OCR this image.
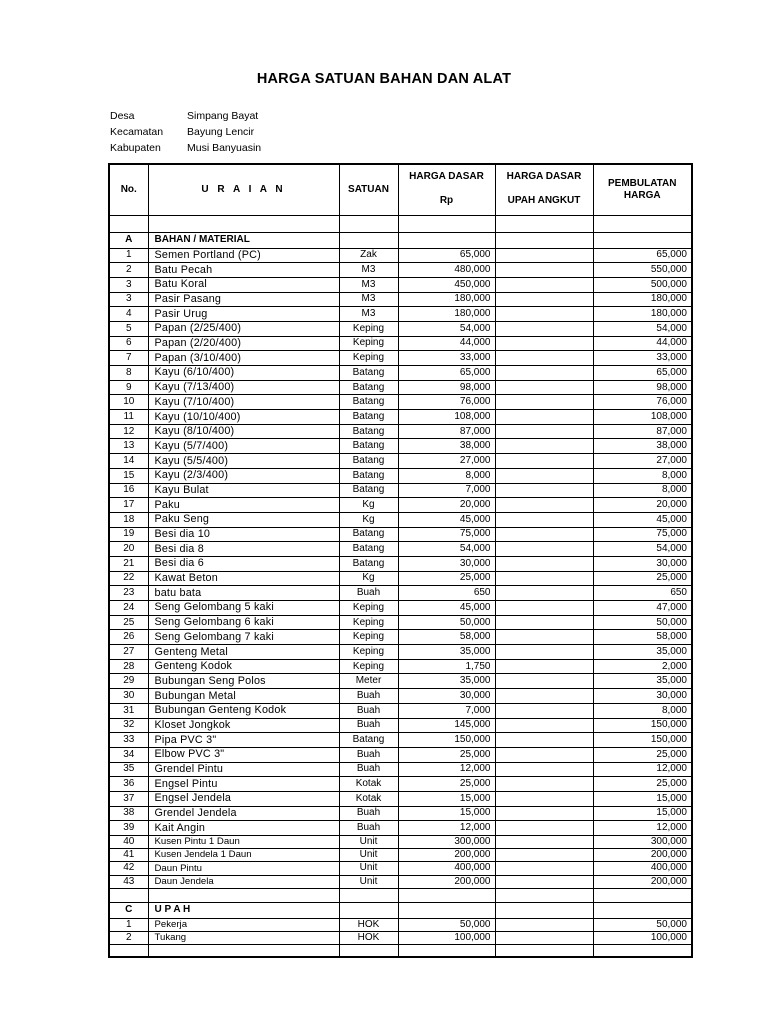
HARGA SATUAN BAHAN DAN ALAT
Desa	Simpang Bayat
Kecamatan Bayung Lencir
Kabupaten Musi Banyuasin
No.	U R A I A N	SATUAN	HARGA DASAR	HARGA DASAR	PEMBULATAN
HARGA

			Rp	UPAH ANGKUT	

A	BAHAN / MATERIAL				
1	Semen Portland (PC)	Zak	65,000		65,000
2	Batu Pecah	M3	480,000		550,000
3	Batu Koral	M3	450,000		500,000
3	Pasir Pasang	M3	180,000		180,000
4	Pasir Urug	M3	180,000		180,000
5	Papan (2/25/400)	Keping	54,000		54,000
6	Papan (2/20/400)	Keping	44,000		44,000
7	Papan (3/10/400)	Keping	33,000		33,000
8	Kayu (6/10/400)	Batang	65,000		65,000
9	Kayu (7/13/400)	Batang	98,000		98,000
10	Kayu (7/10/400)	Batang	76,000		76,000
11	Kayu (10/10/400)	Batang	108,000		108,000
12	Kayu (8/10/400)	Batang	87,000		87,000
13	Kayu (5/7/400)	Batang	38,000		38,000
14	Kayu (5/5/400)	Batang	27,000		27,000
15	Kayu (2/3/400)	Batang	8,000		8,000
16	Kayu Bulat	Batang	7,000		8,000
17	Paku	Kg	20,000		20,000
18	Paku Seng	Kg	45,000		45,000
19	Besi dia 10	Batang	75,000		75,000
20	Besi dia 8	Batang	54,000		54,000
21	Besi dia 6	Batang	30,000		30,000
22	Kawat Beton	Kg	25,000		25,000
23	batu bata	Buah	650		650
24	Seng Gelombang 5 kaki	Keping	45,000		47,000
25	Seng Gelombang 6 kaki	Keping	50,000		50,000
26	Seng Gelombang 7 kaki	Keping	58,000		58,000
27	Genteng Metal	Keping	35,000		35,000
28	Genteng Kodok	Keping	1,750		2,000
29	Bubungan Seng Polos	Meter	35,000		35,000
30	Bubungan Metal	Buah	30,000		30,000
31	Bubungan Genteng Kodok	Buah	7,000		8,000
32	Kloset Jongkok	Buah	145,000		150,000
33	Pipa PVC 3"	Batang	150,000		150,000
34	Elbow PVC 3"	Buah	25,000		25,000
35	Grendel Pintu	Buah	12,000		12,000
36	Engsel Pintu	Kotak	25,000		25,000
37	Engsel Jendela	Kotak	15,000		15,000
38	Grendel Jendela	Buah	15,000		15,000
39	Kait Angin	Buah	12,000		12,000
40	Kusen Pintu 1 Daun	Unit	300,000		300,000
41	Kusen Jendela 1 Daun	Unit	200,000		200,000
42	Daun Pintu	Unit	400,000		400,000
43	Daun Jendela	Unit	200,000		200,000

C	U P A H				
1	Pekerja	HOK	50,000		50,000
2	Tukang	HOK	100,000		100,000
